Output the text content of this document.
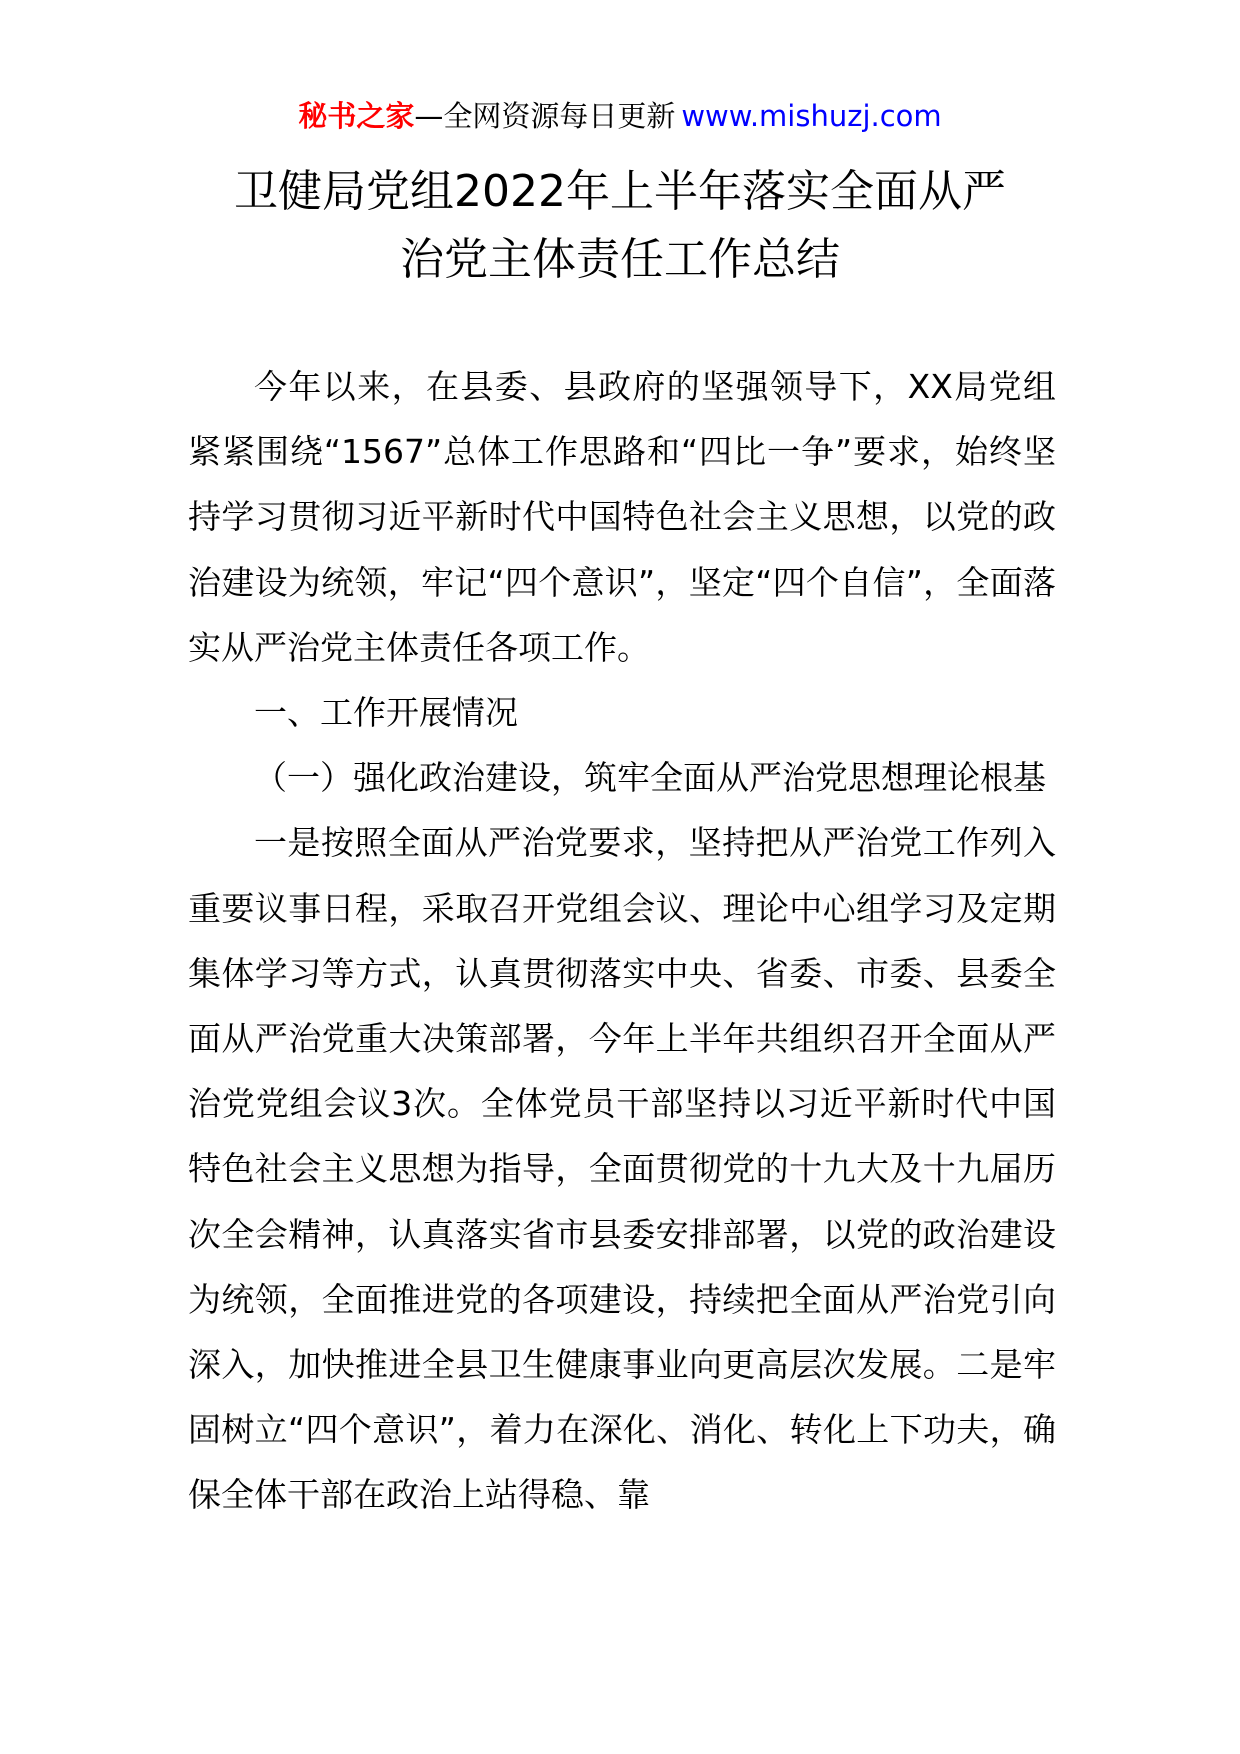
秘书之家—全网资源每日更新 www.mishuzj.com
卫健局党组2022年上半年落实全面从严
治党主体责任工作总结

今年以来，在县委、县政府的坚强领导下，XX局党组紧紧围绕“1567”总体工作思路和“四比一争”要求，始终坚持学习贯彻习近平新时代中国特色社会主义思想，以党的政治建设为统领，牢记“四个意识”，坚定“四个自信”，全面落实从严治党主体责任各项工作。

一、工作开展情况

（一）强化政治建设，筑牢全面从严治党思想理论根基

一是按照全面从严治党要求，坚持把从严治党工作列入重要议事日程，采取召开党组会议、理论中心组学习及定期集体学习等方式，认真贯彻落实中央、省委、市委、县委全面从严治党重大决策部署，今年上半年共组织召开全面从严治党党组会议3次。全体党员干部坚持以习近平新时代中国特色社会主义思想为指导，全面贯彻党的十九大及十九届历次全会精神，认真落实省市县委安排部署，以党的政治建设为统领，全面推进党的各项建设，持续把全面从严治党引向深入，加快推进全县卫生健康事业向更高层次发展。二是牢固树立“四个意识”，着力在深化、消化、转化上下功夫，确保全体干部在政治上站得稳、靠
